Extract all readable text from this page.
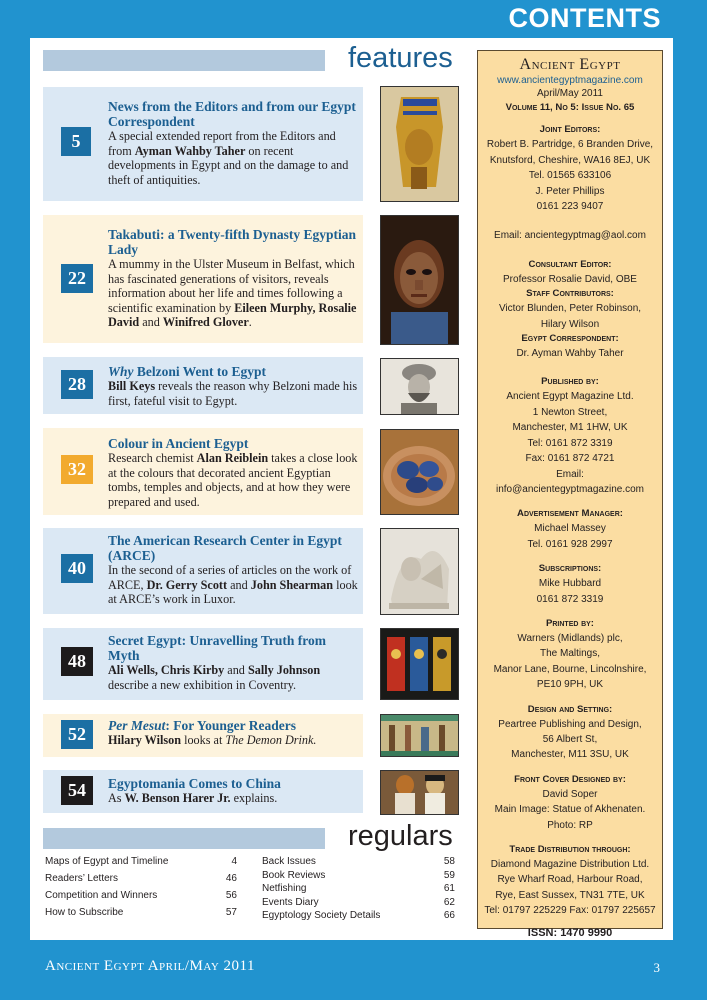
CONTENTS
features
5
News from the Editors and from our Egypt Correspondent
A special extended report from the Editors and from Ayman Wahby Taher on recent developments in Egypt and on the damage to and theft of antiquities.
22
Takabuti: a Twenty-fifth Dynasty Egyptian Lady
A mummy in the Ulster Museum in Belfast, which has fascinated generations of visitors, reveals information about her life and times following a scientific examination by Eileen Murphy, Rosalie David and Winifred Glover.
28
Why Belzoni Went to Egypt
Bill Keys reveals the reason why Belzoni made his first, fateful visit to Egypt.
32
Colour in Ancient Egypt
Research chemist Alan Reiblein takes a close look at the colours that decorated ancient Egyptian tombs, temples and objects, and at how they were prepared and used.
40
The American Research Center in Egypt (ARCE)
In the second of a series of articles on the work of ARCE, Dr. Gerry Scott and John Shearman look at ARCE’s work in Luxor.
48
Secret Egypt: Unravelling Truth from Myth
Ali Wells, Chris Kirby and Sally Johnson describe a new exhibition in Coventry.
52	Per Mesut: For Younger Readers
Hilary Wilson looks at The Demon Drink.
54	Egyptomania Comes to China
As W. Benson Harer Jr. explains.
regulars
Maps of Egypt and Timeline	4
Readers’ Letters	46
Competition and Winners	56
How to Subscribe	57
Back Issues	58
Book Reviews	59
Netfishing	61
Events Diary	62
Egyptology Society Details	66
Ancient Egypt
www.ancientegyptmagazine.com
April/May 2011
Volume 11, No 5: Issue No. 65
Joint Editors:
Robert B. Partridge, 6 Branden Drive,
Knutsford, Cheshire, WA16 8EJ, UK
Tel. 01565 633106
J. Peter Phillips
0161 223 9407
Email: ancientegyptmag@aol.com
Consultant Editor:
Professor Rosalie David, OBE
Staff Contributors:
Victor Blunden, Peter Robinson,
Hilary Wilson
Egypt Correspondent:
Dr. Ayman Wahby Taher
Published by:
Ancient Egypt Magazine Ltd.
1 Newton Street,
Manchester, M1 1HW, UK
Tel: 0161 872 3319
Fax: 0161 872 4721
Email:
info@ancientegyptmagazine.com
Advertisement Manager:
Michael Massey
Tel. 0161 928 2997
Subscriptions:
Mike Hubbard
0161 872 3319
Printed by:
Warners (Midlands) plc,
The Maltings,
Manor Lane, Bourne, Lincolnshire,
PE10 9PH, UK
Design and Setting:
Peartree Publishing and Design,
56 Albert St,
Manchester, M11 3SU, UK
Front Cover Designed by:
David Soper
Main Image: Statue of Akhenaten.
Photo: RP
Trade Distribution through:
Diamond Magazine Distribution Ltd.
Rye Wharf Road, Harbour Road,
Rye, East Sussex, TN31 7TE, UK
Tel: 01797 225229 Fax: 01797 225657
ISSN: 1470 9990
Ancient Egypt April/May 2011	3
